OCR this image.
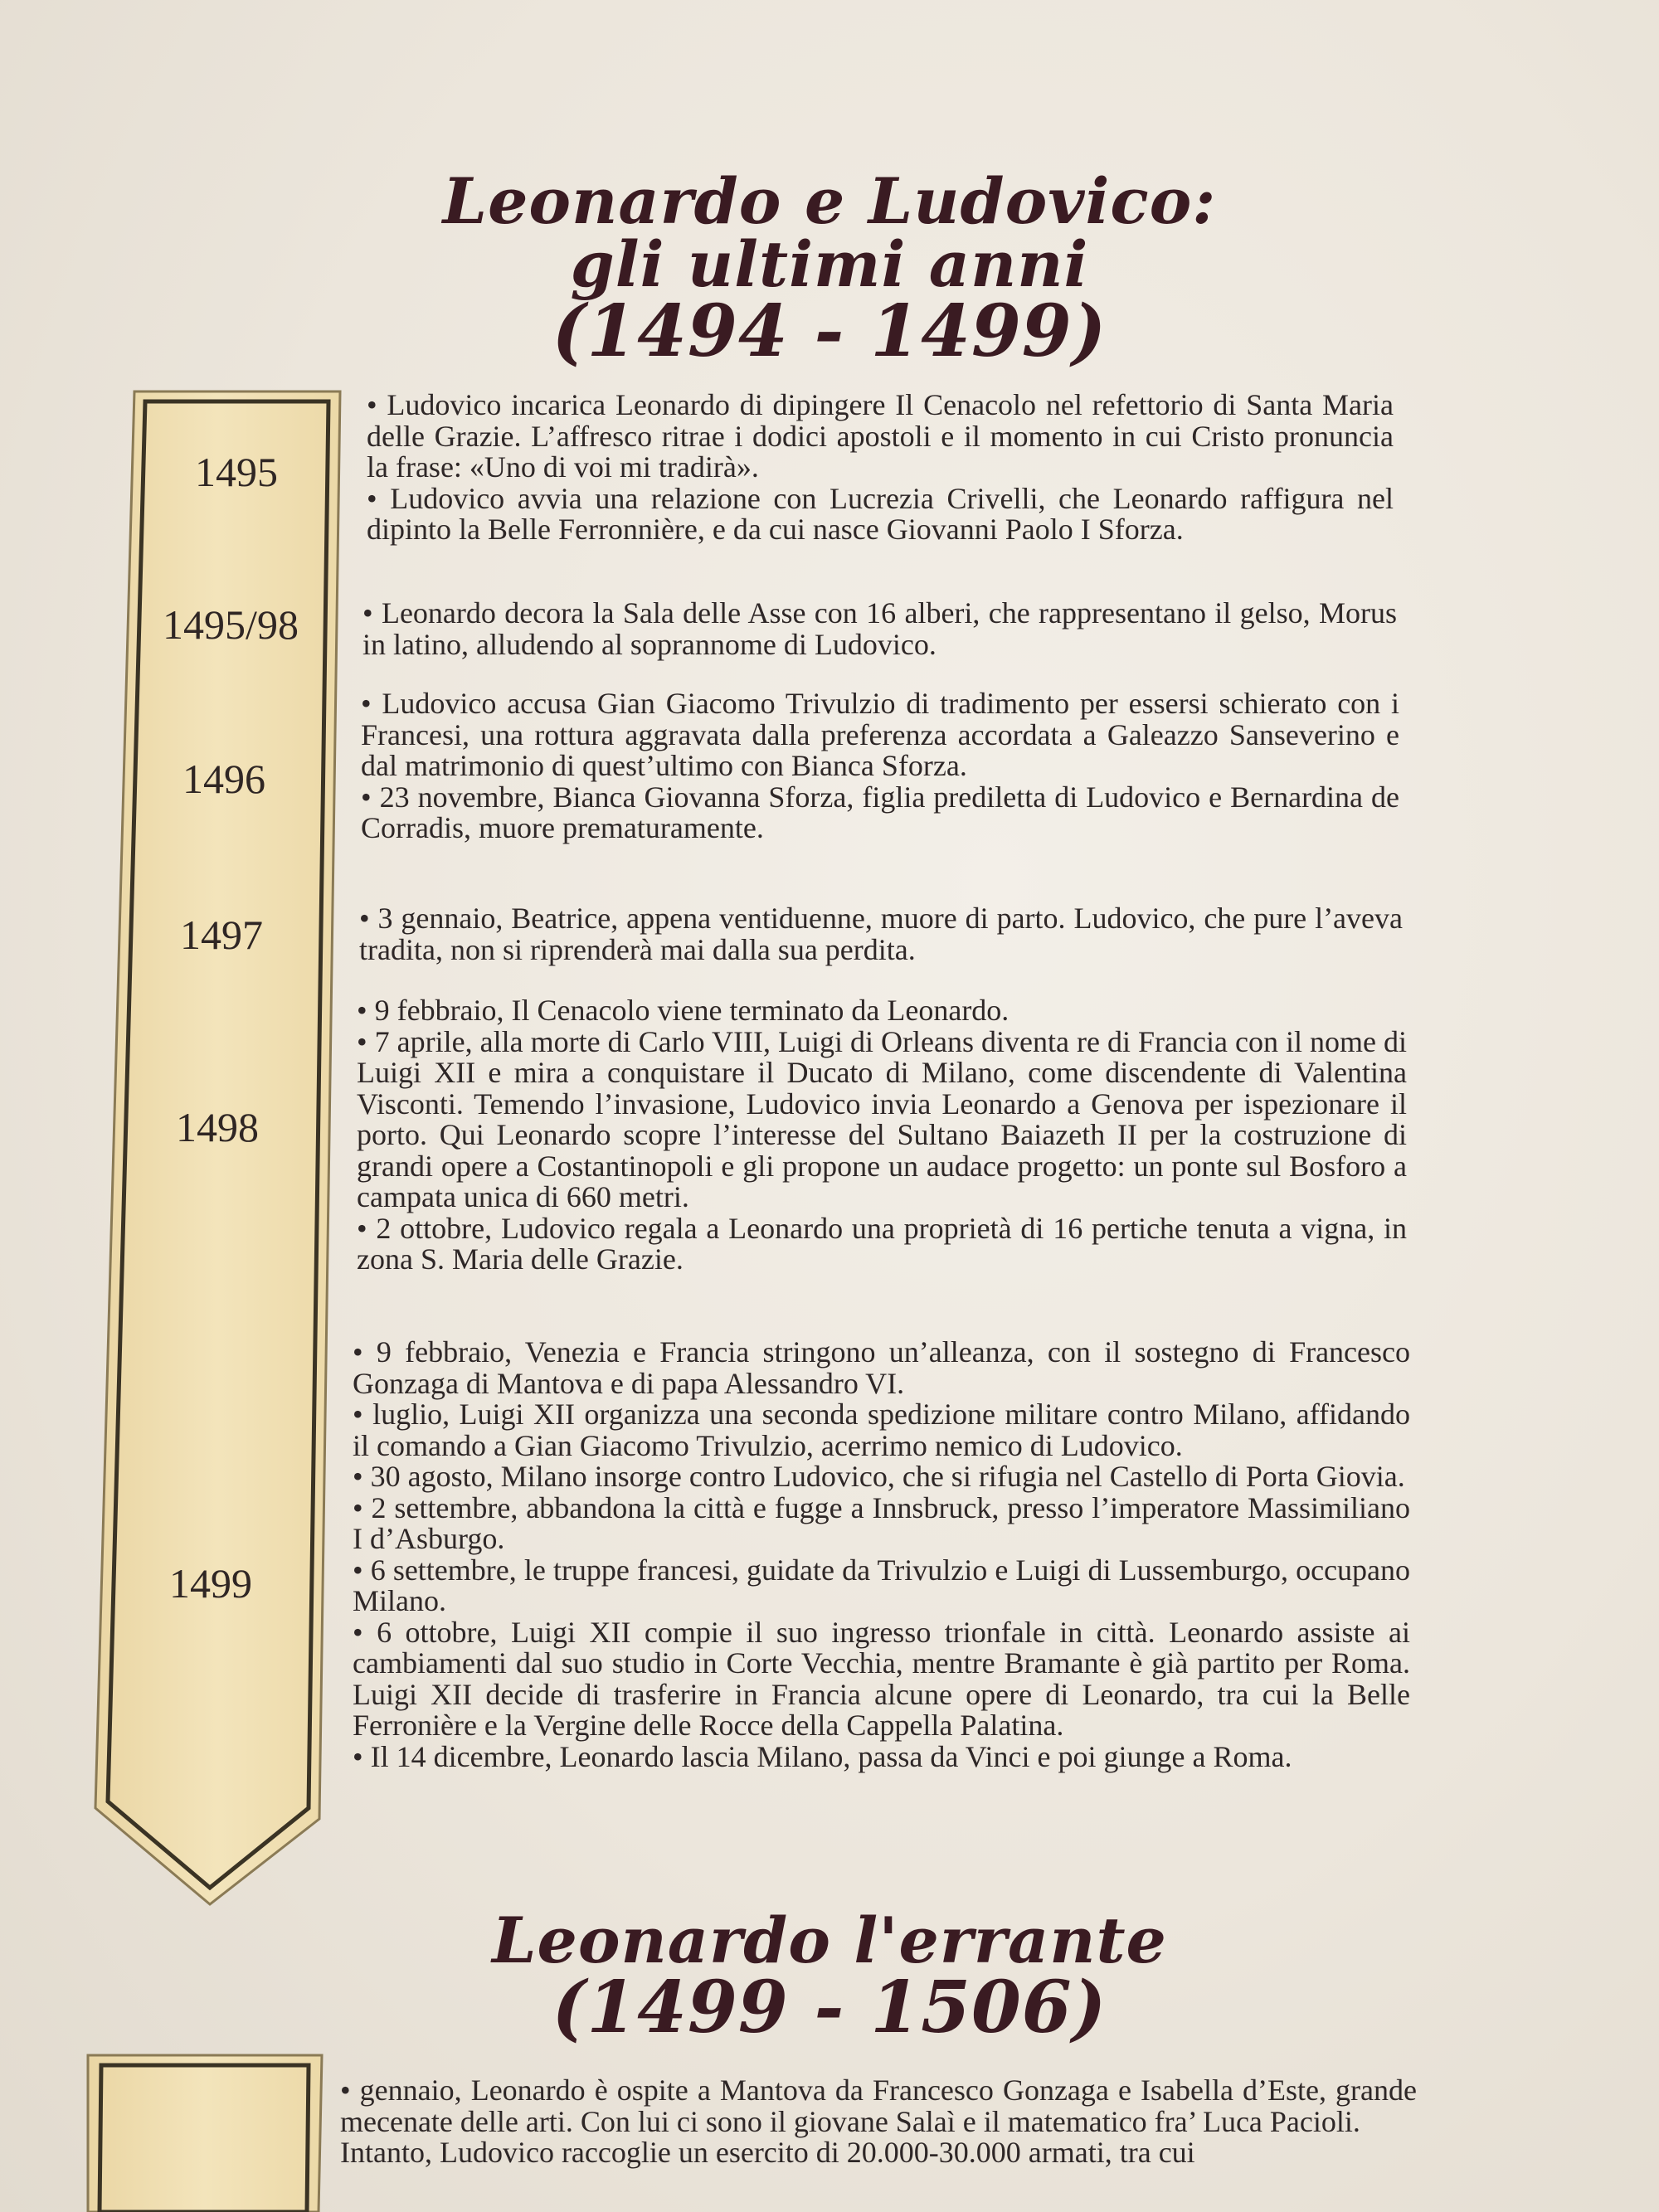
Leonardo e Ludovico:
gli ultimi anni
(1494 - 1499)
1495
1495/98
1496
1497
1498
1499

• Ludovico incarica Leonardo di dipingere Il Cenacolo nel refettorio di Santa Maria delle Grazie. L’affresco ritrae i dodici apostoli e il momento in cui Cristo pronuncia la frase: «Uno di voi mi tradirà».

• Ludovico avvia una relazione con Lucrezia Crivelli, che Leonardo raffigura nel dipinto la Belle Ferronnière, e da cui nasce Giovanni Paolo I Sforza.

• Leonardo decora la Sala delle Asse con 16 alberi, che rappresentano il gelso, Morus in latino, alludendo al soprannome di Ludovico.

• Ludovico accusa Gian Giacomo Trivulzio di tradimento per essersi schierato con i Francesi, una rottura aggravata dalla preferenza accordata a Galeazzo Sanseverino e dal matrimonio di quest’ultimo con Bianca Sforza.

• 23 novembre, Bianca Giovanna Sforza, figlia prediletta di Ludovico e Bernardina de Corradis, muore prematuramente.

• 3 gennaio, Beatrice, appena ventiduenne, muore di parto. Ludovico, che pure l’aveva tradita, non si riprenderà mai dalla sua perdita.

• 9 febbraio, Il Cenacolo viene terminato da Leonardo.

• 7 aprile, alla morte di Carlo VIII, Luigi di Orleans diventa re di Francia con il nome di Luigi XII e mira a conquistare il Ducato di Milano, come discendente di Valentina Visconti. Temendo l’invasione, Ludovico invia Leonardo a Genova per ispezionare il porto. Qui Leonardo scopre l’interesse del Sultano Baiazeth II per la costruzione di grandi opere a Costantinopoli e gli propone un audace progetto: un ponte sul Bosforo a campata unica di 660 metri.

• 2 ottobre, Ludovico regala a Leonardo una proprietà di 16 pertiche tenuta a vigna, in zona S. Maria delle Grazie.

• 9 febbraio, Venezia e Francia stringono un’alleanza, con il sostegno di Francesco Gonzaga di Mantova e di papa Alessandro VI.

• luglio, Luigi XII organizza una seconda spedizione militare contro Milano, affidando il comando a Gian Giacomo Trivulzio, acerrimo nemico di Ludovico.

• 30 agosto, Milano insorge contro Ludovico, che si rifugia nel Castello di Porta Giovia.

• 2 settembre, abbandona la città e fugge a Innsbruck, presso l’imperatore Massimiliano I d’Asburgo.

• 6 settembre, le truppe francesi, guidate da Trivulzio e Luigi di Lussemburgo, occupano Milano.

• 6 ottobre, Luigi XII compie il suo ingresso trionfale in città. Leonardo assiste ai cambiamenti dal suo studio in Corte Vecchia, mentre Bramante è già partito per Roma. Luigi XII decide di trasferire in Francia alcune opere di Leonardo, tra cui la Belle Ferronière e la Vergine delle Rocce della Cappella Palatina.

• Il 14 dicembre, Leonardo lascia Milano, passa da Vinci e poi giunge a Roma.

Leonardo l'errante
(1499 - 1506)

• gennaio, Leonardo è ospite a Mantova da Francesco Gonzaga e Isabella d’Este, grande mecenate delle arti. Con lui ci sono il giovane Salaì e il matematico fra’ Luca Pacioli.

Intanto, Ludovico raccoglie un esercito di 20.000-30.000 armati, tra cui
